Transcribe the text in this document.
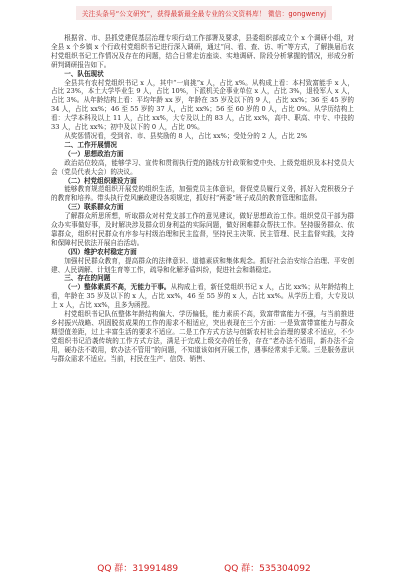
关注头条号“公文研究”，获得最新最全最专业的公文资料库！ 微信：gongwenyj

根据省、市、县抓党建促基层治理专项行动工作部署及要求，县委组织部成立个 x 个调研小组，对全县 x 个乡镇 x 个行政村党组织书记进行深入调研，通过“问、看、查、访、听”等方式，了解换届后农村党组织书记工作情况及存在的问题，结合日常走访座谈、实地调研、阶段分析掌握的情况，形成分析研判调研报告如下。

一、队伍现状

全县共有农村党组织书记 x 人，其中“一肩挑”x 人，占比 x%。从构成上看：本村致富能手 x 人，占比 23%，本土大学毕业生 9 人，占比 10%，下派机关企事业单位 x 人，占比 3%，退役军人 x 人，占比 3%。从年龄结构上看：平均年龄 xx 岁，年龄在 35 岁及以下的 9 人，占比 xx%；36 至 45 岁的 34 人，占比 xx%；46 至 55 岁的 37 人，占比 xx%；56 至 60 岁的 0 人，占比 0%。从学历结构上看：大学本科及以上 11 人，占比 xx%，大专及以上的 83 人，占比 xx%，高中、职高、中专、中技的 33 人，占比 xx%；初中及以下的 0 人，占比 0%。

从奖惩情况看，受到省、市、县奖励的 8 人，占比 xx%；受处分的 2 人，占比 2%

二、工作开展情况

（一）思想政治方面

政治站位较高，能够学习、宣传和贯彻执行党的路线方针政策和党中央、上级党组织及本村党员大会（党员代表大会）的决议。

（二）村党组织建设方面

能够教育规范组织开展党的组织生活，加强党员主体意识，督促党员履行义务，抓好入党积极分子的教育和培养。带头执行党风廉政建设各项规定，抓好村“两委”班子成员的教育管理和监督。

（三）联系群众方面

了解群众所思所想，听取群众对村党支部工作的意见建议，做好思想政治工作。组织党员干部为群众办实事做好事，及时解决涉及群众切身利益的实际问题，做好困难群众帮扶工作。坚持服务群众、依靠群众，组织村民群众有序参与村级治理和民主监督，坚持民主决策、民主管理、民主监督实践，支持和保障村民依法开展自治活动。

（四）维护农村稳定方面

加强村民群众教育，提高群众的法律意识、道德素质和集体观念。抓好社会治安综合治理、平安创建、人民调解、计划生育等工作，疏导和化解矛盾纠纷，促进社会和谐稳定。

三、存在的问题

（一）整体素质不高，无能力干事。从构成上看，新任党组织书记 x 人，占比 xx%；从年龄结构上看，年龄在 35 岁及以下的 x 人，占比 xx%，46 至 55 岁的 x 人，占比 xx%。从学历上看，大专及以上 x 人，占比 xx%，且多为函授。

村党组织书记队伍整体年龄结构偏大、学历偏低，能力素质不高，致富带富能力不强，与当前推进乡村振兴战略、巩固脱贫成果的工作的需求不相适应，突出表现在三个方面：一是致富带富能力与群众期望值差距，过上丰富生活的要求不适应。二是工作方式方法与创新农村社会治理的要求不适应，不少党组织书记沿袭传统的工作方式方法，满足于完成上级交办的任务，存在“老办法不适用，新办法不会用，硬办法不敢用，软办法不管用”的问题，不知道该如何开展工作，遇事经常束手无策。三是服务意识与群众需求不适应。当前，村民在生产、信贷、销售、

QQ 群：31991489	QQ 群：535304092
